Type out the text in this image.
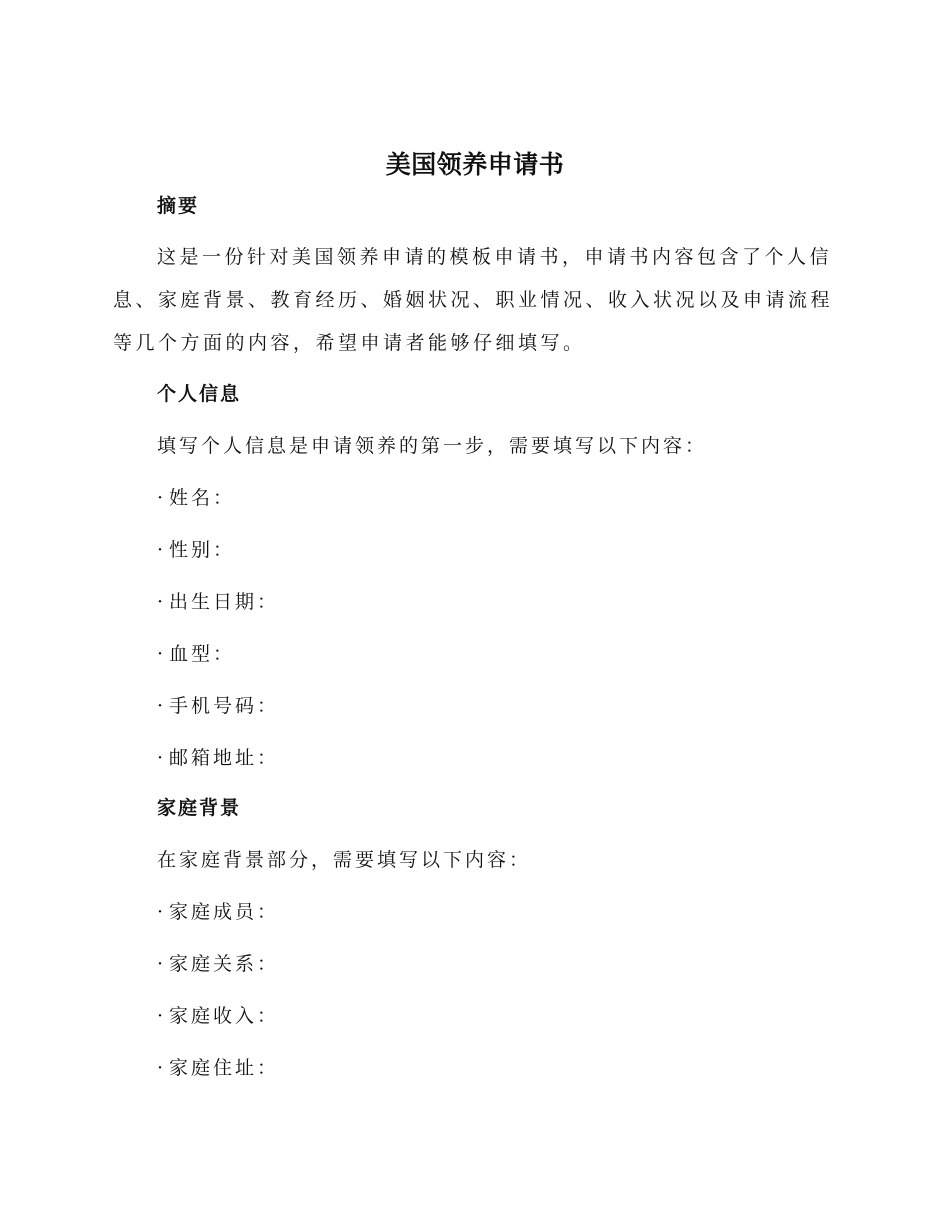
美国领养申请书
摘要
这是一份针对美国领养申请的模板申请书，申请书内容包含了个人信息、家庭背景、教育经历、婚姻状况、职业情况、收入状况以及申请流程等几个方面的内容，希望申请者能够仔细填写。
个人信息
填写个人信息是申请领养的第一步，需要填写以下内容：
· 姓名：
· 性别：
· 出生日期：
· 血型：
· 手机号码：
· 邮箱地址：
家庭背景
在家庭背景部分，需要填写以下内容：
· 家庭成员：
· 家庭关系：
· 家庭收入：
· 家庭住址：
